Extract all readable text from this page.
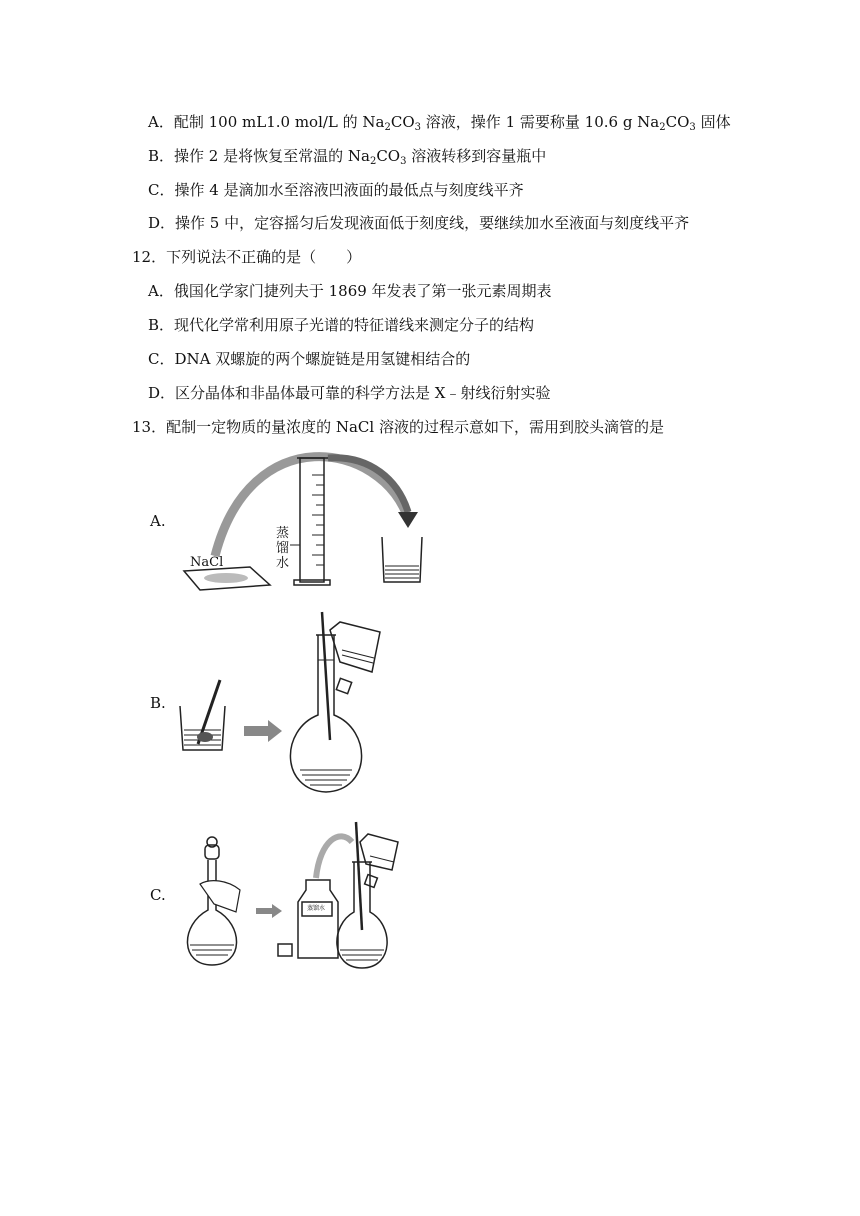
A．配制 100 mL1.0 mol/L 的 $Na_2CO_3$ 溶液，操作 1 需要称量 10.6 g $Na_2CO_3$ 固体
B．操作 2 是将恢复至常温的 $Na_2CO_3$ 溶液转移到容量瓶中
C．操作 4 是滴加水至溶液凹液面的最低点与刻度线平齐
D．操作 5 中，定容摇匀后发现液面低于刻度线，要继续加水至液面与刻度线平齐
12．下列说法不正确的是（　　）
A．俄国化学家门捷列夫于 1869 年发表了第一张元素周期表
B．现代化学常利用原子光谱的特征谱线来测定分子的结构
C．DNA 双螺旋的两个螺旋链是用氢键相结合的
D．区分晶体和非晶体最可靠的科学方法是 X﹣射线衍射实验
13．配制一定物质的量浓度的 NaCl 溶液的过程示意如下，需用到胶头滴管的是
A.
B.
C.
NaCl
蒸
馏
水
蒸馏水
